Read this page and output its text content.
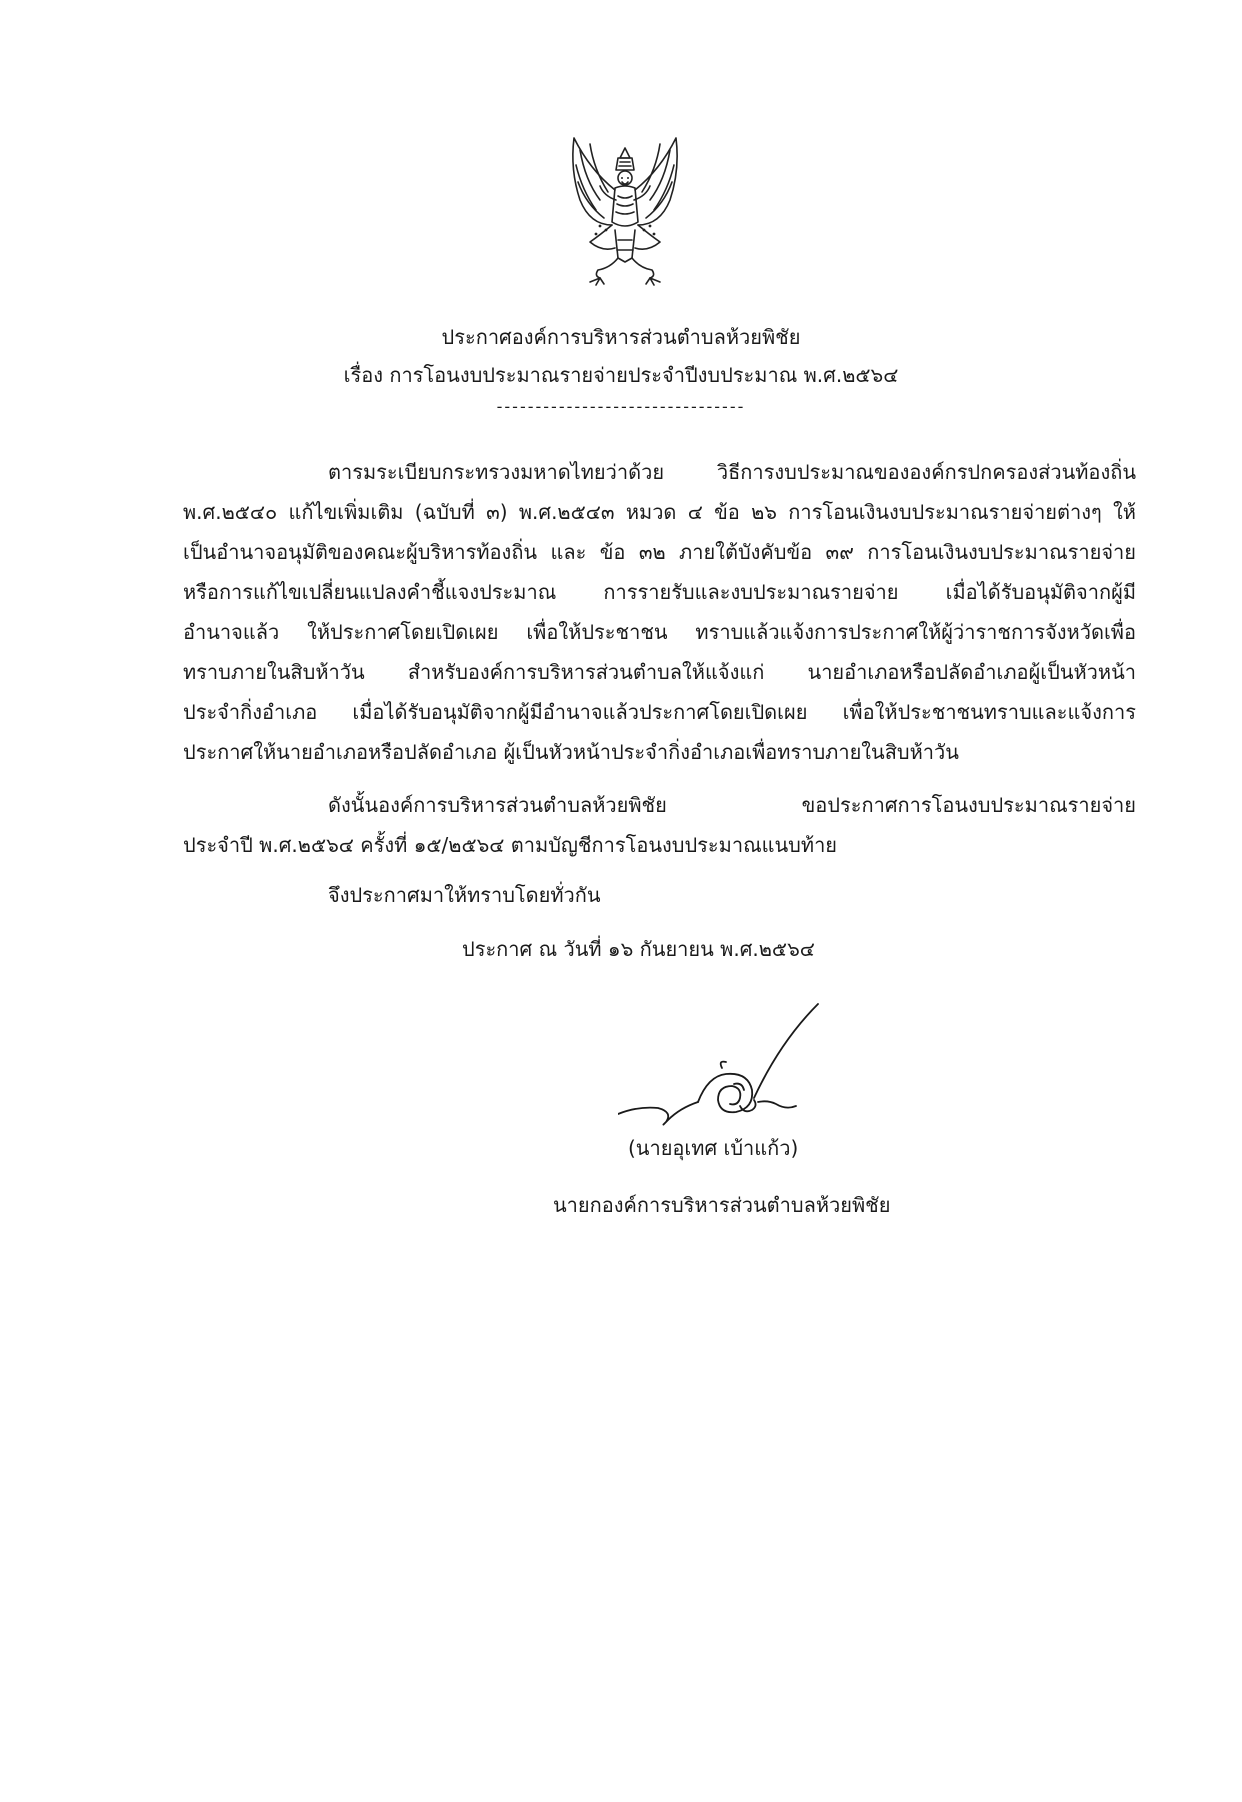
ประกาศองค์การบริหารส่วนตำบลห้วยพิชัย
เรื่อง การโอนงบประมาณรายจ่ายประจำปีงบประมาณ พ.ศ.๒๕๖๔
--------------------------------
ตารมระเบียบกระทรวงมหาดไทยว่าด้วย วิธีการงบประมาณขององค์กรปกครองส่วนท้องถิ่น
พ.ศ.๒๕๔๐ แก้ไขเพิ่มเติม (ฉบับที่ ๓) พ.ศ.๒๕๔๓ หมวด ๔ ข้อ ๒๖ การโอนเงินงบประมาณรายจ่ายต่างๆ ให้
เป็นอำนาจอนุมัติของคณะผู้บริหารท้องถิ่น และ ข้อ ๓๒ ภายใต้บังคับข้อ ๓๙ การโอนเงินงบประมาณรายจ่าย
หรือการแก้ไขเปลี่ยนแปลงคำชี้แจงประมาณ การรายรับและงบประมาณรายจ่าย เมื่อได้รับอนุมัติจากผู้มี
อำนาจแล้ว ให้ประกาศโดยเปิดเผย เพื่อให้ประชาชน ทราบแล้วแจ้งการประกาศให้ผู้ว่าราชการจังหวัดเพื่อ
ทราบภายในสิบห้าวัน สำหรับองค์การบริหารส่วนตำบลให้แจ้งแก่ นายอำเภอหรือปลัดอำเภอผู้เป็นหัวหน้า
ประจำกิ่งอำเภอ เมื่อได้รับอนุมัติจากผู้มีอำนาจแล้วประกาศโดยเปิดเผย เพื่อให้ประชาชนทราบและแจ้งการ
ประกาศให้นายอำเภอหรือปลัดอำเภอ ผู้เป็นหัวหน้าประจำกิ่งอำเภอเพื่อทราบภายในสิบห้าวัน
ดังนั้นองค์การบริหารส่วนตำบลห้วยพิชัย ขอประกาศการโอนงบประมาณรายจ่าย
ประจำปี พ.ศ.๒๕๖๔ ครั้งที่ ๑๕/๒๕๖๔ ตามบัญชีการโอนงบประมาณแนบท้าย
จึงประกาศมาให้ทราบโดยทั่วกัน
ประกาศ ณ วันที่ ๑๖ กันยายน พ.ศ.๒๕๖๔
(นายอุเทศ เบ้าแก้ว)
นายกองค์การบริหารส่วนตำบลห้วยพิชัย
